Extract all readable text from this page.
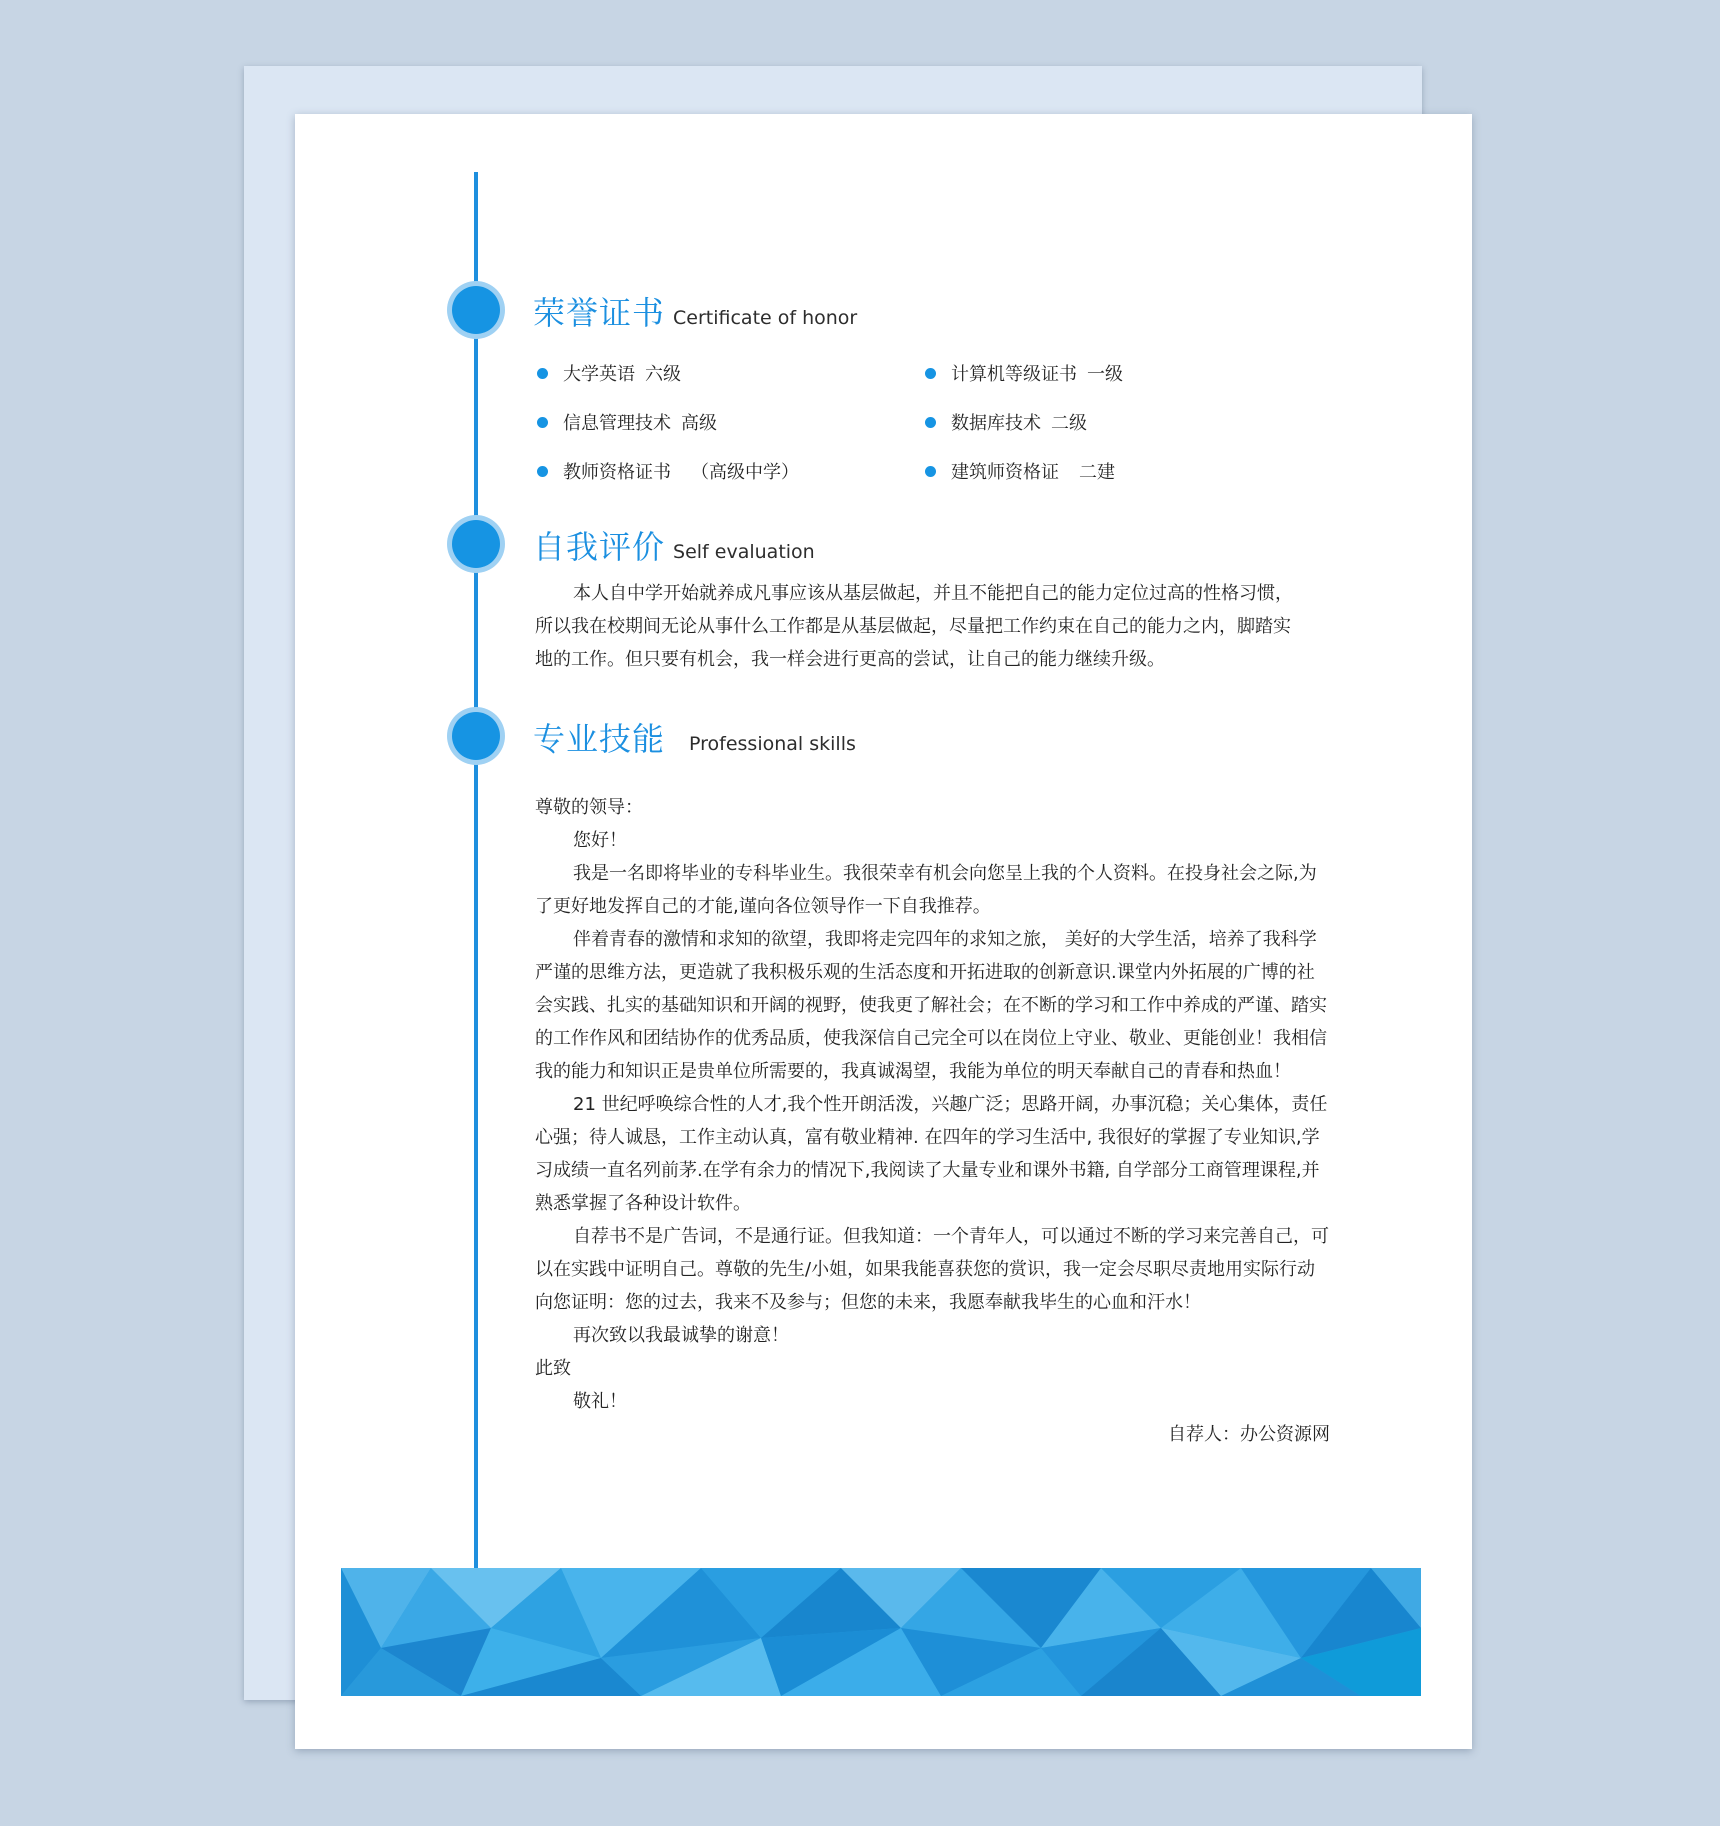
荣誉证书 Certificate of honor
大学英语 六级	计算机等级证书 一级
信息管理技术 高级	数据库技术 二级
教师资格证书 （高级中学）	建筑师资格证 二建
自我评价 Self evaluation

本人自中学开始就养成凡事应该从基层做起，并且不能把自己的能力定位过高的性格习惯，所以我在校期间无论从事什么工作都是从基层做起，尽量把工作约束在自己的能力之内，脚踏实地的工作。但只要有机会，我一样会进行更高的尝试，让自己的能力继续升级。

专业技能 Professional skills

尊敬的领导：

您好！

我是一名即将毕业的专科毕业生。我很荣幸有机会向您呈上我的个人资料。在投身社会之际,为了更好地发挥自己的才能,谨向各位领导作一下自我推荐。

伴着青春的激情和求知的欲望，我即将走完四年的求知之旅， 美好的大学生活，培养了我科学严谨的思维方法，更造就了我积极乐观的生活态度和开拓进取的创新意识.课堂内外拓展的广博的社会实践、扎实的基础知识和开阔的视野，使我更了解社会；在不断的学习和工作中养成的严谨、踏实的工作作风和团结协作的优秀品质，使我深信自己完全可以在岗位上守业、敬业、更能创业！我相信我的能力和知识正是贵单位所需要的，我真诚渴望，我能为单位的明天奉献自己的青春和热血！

21 世纪呼唤综合性的人才,我个性开朗活泼，兴趣广泛；思路开阔，办事沉稳；关心集体，责任心强；待人诚恳，工作主动认真，富有敬业精神. 在四年的学习生活中, 我很好的掌握了专业知识,学习成绩一直名列前茅.在学有余力的情况下,我阅读了大量专业和课外书籍, 自学部分工商管理课程,并熟悉掌握了各种设计软件。

自荐书不是广告词，不是通行证。但我知道：一个青年人，可以通过不断的学习来完善自己，可以在实践中证明自己。尊敬的先生/小姐，如果我能喜获您的赏识，我一定会尽职尽责地用实际行动向您证明：您的过去，我来不及参与；但您的未来，我愿奉献我毕生的心血和汗水！

再次致以我最诚挚的谢意！

此致

敬礼！

自荐人：办公资源网
